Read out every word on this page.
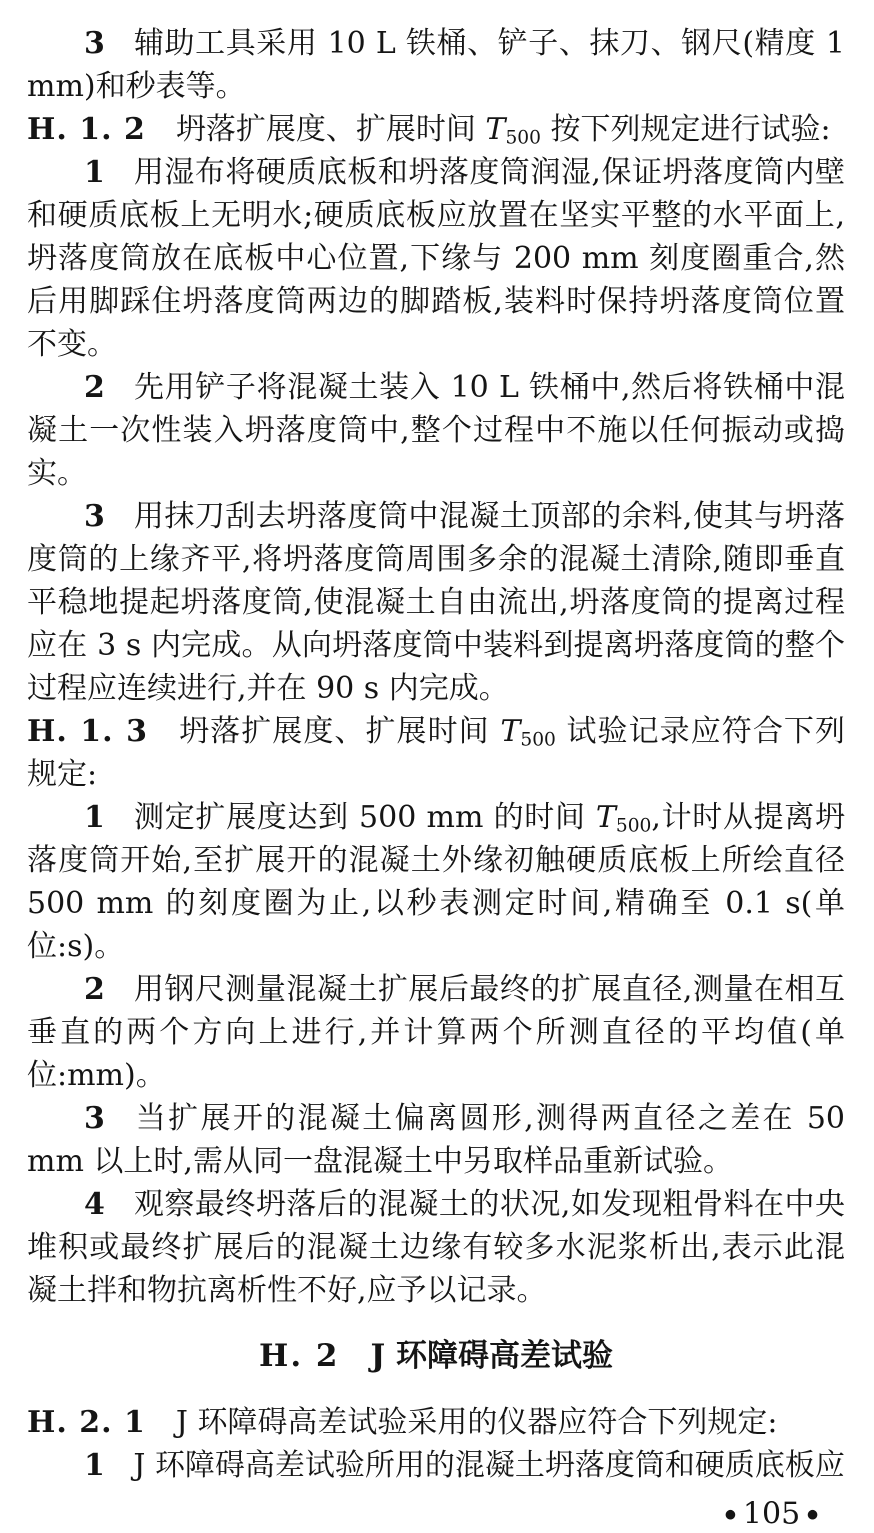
3 辅助工具采用 10 L 铁桶、铲子、抹刀、钢尺(精度 1 mm)和秒表等。

H. 1. 2 坍落扩展度、扩展时间 $T_{500}$ 按下列规定进行试验:

1 用湿布将硬质底板和坍落度筒润湿,保证坍落度筒内壁和硬质底板上无明水;硬质底板应放置在坚实平整的水平面上,坍落度筒放在底板中心位置,下缘与 200 mm 刻度圈重合,然后用脚踩住坍落度筒两边的脚踏板,装料时保持坍落度筒位置不变。

2 先用铲子将混凝土装入 10 L 铁桶中,然后将铁桶中混凝土一次性装入坍落度筒中,整个过程中不施以任何振动或捣实。

3 用抹刀刮去坍落度筒中混凝土顶部的余料,使其与坍落度筒的上缘齐平,将坍落度筒周围多余的混凝土清除,随即垂直平稳地提起坍落度筒,使混凝土自由流出,坍落度筒的提离过程应在 3 s 内完成。从向坍落度筒中装料到提离坍落度筒的整个过程应连续进行,并在 90 s 内完成。

H. 1. 3 坍落扩展度、扩展时间 $T_{500}$ 试验记录应符合下列规定:

1 测定扩展度达到 500 mm 的时间 $T_{500}$,计时从提离坍落度筒开始,至扩展开的混凝土外缘初触硬质底板上所绘直径 500 mm 的刻度圈为止,以秒表测定时间,精确至 0.1 s(单位:s)。

2 用钢尺测量混凝土扩展后最终的扩展直径,测量在相互垂直的两个方向上进行,并计算两个所测直径的平均值(单位:mm)。

3 当扩展开的混凝土偏离圆形,测得两直径之差在 50 mm 以上时,需从同一盘混凝土中另取样品重新试验。

4 观察最终坍落后的混凝土的状况,如发现粗骨料在中央堆积或最终扩展后的混凝土边缘有较多水泥浆析出,表示此混凝土拌和物抗离析性不好,应予以记录。

H. 2 J 环障碍高差试验

H. 2. 1 J 环障碍高差试验采用的仪器应符合下列规定:

1 J 环障碍高差试验所用的混凝土坍落度筒和硬质底板应

● 105 ●
